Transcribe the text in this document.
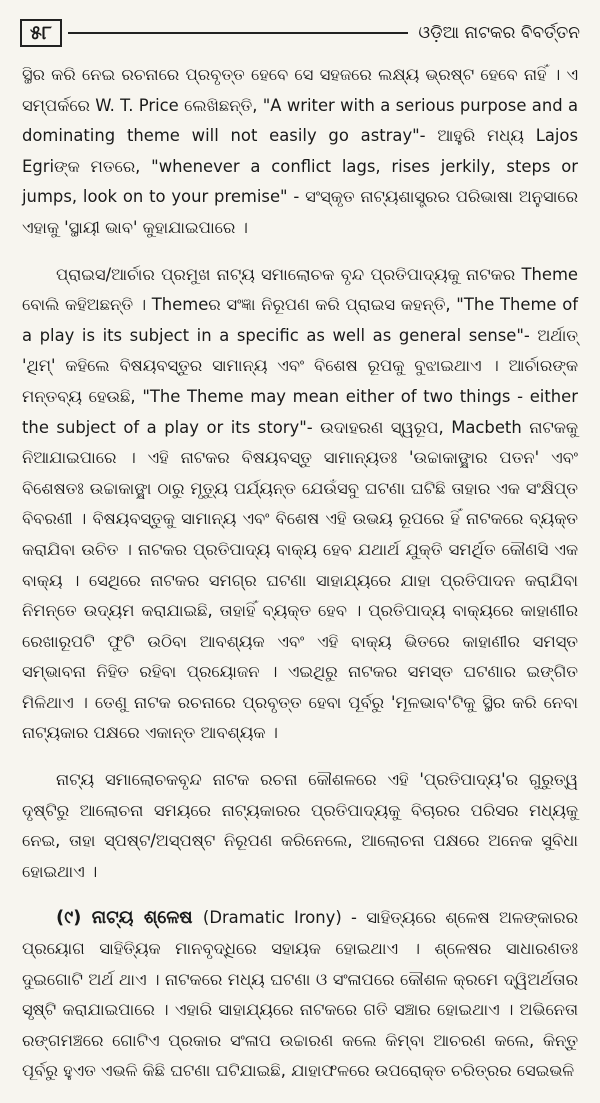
୫୮	ଓଡ଼ିଆ ନାଟକର ବିବର୍ତ୍ତନ

ସ୍ଥିର କରି ନେଇ ରଚନାରେ ପ୍ରବୃତ୍ତ ହେବେ ସେ ସହଜରେ ଲକ୍ଷ୍ୟ ଭ୍ରଷ୍ଟ ହେବେ ନାହିଁ । ଏ ସମ୍ପର୍କରେ W. T. Price ଲେଖିଛନ୍ତି, "A writer with a serious purpose and a dominating theme will not easily go astray"- ଆହୁରି ମଧ୍ୟ Lajos Egriଙ୍କ ମତରେ, "whenever a conflict lags, rises jerkily, steps or jumps, look on to your premise" - ସଂସ୍କୃତ ନାଟ୍ୟଶାସ୍ତ୍ରର ପରିଭାଷା ଅନୁସାରେ ଏହାକୁ 'ସ୍ଥାୟୀ ଭାବ' କୁହାଯାଇପାରେ ।

ପ୍ରାଇସ/ଆର୍ଚାର ପ୍ରମୁଖ ନାଟ୍ୟ ସମାଲୋଚକ ବୃନ୍ଦ ପ୍ରତିପାଦ୍ୟକୁ ନାଟକର Theme ବୋଲି କହିଅଛନ୍ତି । Themeର ସଂଜ୍ଞା ନିରୂପଣ କରି ପ୍ରାଇସ କହନ୍ତି, "The Theme of a play is its subject in a specific as well as general sense"- ଅର୍ଥାତ୍ 'ଥିମ୍' କହିଲେ ବିଷୟବସ୍ତୁର ସାମାନ୍ୟ ଏବଂ ବିଶେଷ ରୂପକୁ ବୁଝାଇଥାଏ । ଆର୍ଚାରଙ୍କ ମନ୍ତବ୍ୟ ହେଉଛି, "The Theme may mean either of two things - either the subject of a play or its story"- ଉଦାହରଣ ସ୍ୱରୂପ, Macbeth ନାଟକକୁ ନିଆଯାଇପାରେ । ଏହି ନାଟକର ବିଷୟବସ୍ତୁ ସାମାନ୍ୟତଃ 'ଉଚ୍ଚାକାଙ୍କ୍ଷାର ପତନ' ଏବଂ ବିଶେଷତଃ ଉଚ୍ଚାକାଙ୍କ୍ଷା ଠାରୁ ମୃତ୍ୟୁ ପର୍ଯ୍ୟନ୍ତ ଯେଉଁସବୁ ଘଟଣା ଘଟିଛି ତାହାର ଏକ ସଂକ୍ଷିପ୍ତ ବିବରଣୀ । ବିଷୟବସ୍ତୁକୁ ସାମାନ୍ୟ ଏବଂ ବିଶେଷ ଏହି ଉଭୟ ରୂପରେ ହିଁ ନାଟକରେ ବ୍ୟକ୍ତ କରାଯିବା ଉଚିତ । ନାଟକର ପ୍ରତିପାଦ୍ୟ ବାକ୍ୟ ହେବ ଯଥାର୍ଥ ଯୁକ୍ତି ସମର୍ଥିତ କୌଣସି ଏକ ବାକ୍ୟ । ସେଥିରେ ନାଟକର ସମଗ୍ର ଘଟଣା ସାହାଯ୍ୟରେ ଯାହା ପ୍ରତିପାଦନ କରାଯିବା ନିମନ୍ତେ ଉଦ୍ୟମ କରାଯାଇଛି, ତାହାହିଁ ବ୍ୟକ୍ତ ହେବ । ପ୍ରତିପାଦ୍ୟ ବାକ୍ୟରେ କାହାଣୀର ରେଖାରୂପଟି ଫୁଟି ଉଠିବା ଆବଶ୍ୟକ ଏବଂ ଏହି ବାକ୍ୟ ଭିତରେ କାହାଣୀର ସମସ୍ତ ସମ୍ଭାବନା ନିହିତ ରହିବା ପ୍ରୟୋଜନ । ଏଇଥିରୁ ନାଟକର ସମସ୍ତ ଘଟଣାର ଇଙ୍ଗିତ ମିଳିଥାଏ । ତେଣୁ ନାଟକ ରଚନାରେ ପ୍ରବୃତ୍ତ ହେବା ପୂର୍ବରୁ 'ମୂଳଭାବ'ଟିକୁ ସ୍ଥିର କରି ନେବା ନାଟ୍ୟକାର ପକ୍ଷରେ ଏକାନ୍ତ ଆବଶ୍ୟକ ।

ନାଟ୍ୟ ସମାଲୋଚକବୃନ୍ଦ ନାଟକ ରଚନା କୌଶଳରେ ଏହି 'ପ୍ରତିପାଦ୍ୟ'ର ଗୁରୁତ୍ୱ ଦୃଷ୍ଟିରୁ ଆଲୋଚନା ସମୟରେ ନାଟ୍ୟକାରର ପ୍ରତିପାଦ୍ୟକୁ ବିଚାରର ପରିସର ମଧ୍ୟକୁ ନେଇ, ତାହା ସ୍ପଷ୍ଟ/ଅସ୍ପଷ୍ଟ ନିରୂପଣ କରିନେଲେ, ଆଲୋଚନା ପକ୍ଷରେ ଅନେକ ସୁବିଧା ହୋଇଥାଏ ।

(୯) ନାଟ୍ୟ ଶ୍ଳେଷ (Dramatic Irony) - ସାହିତ୍ୟରେ ଶ୍ଳେଷ ଅଳଙ୍କାରର ପ୍ରୟୋଗ ସାହିତ୍ୟିକ ମାନବୃଦ୍ଧିରେ ସହାୟକ ହୋଇଥାଏ । ଶ୍ଳେଷର ସାଧାରଣତଃ ଦୁଇଗୋଟି ଅର୍ଥ ଥାଏ । ନାଟକରେ ମଧ୍ୟ ଘଟଣା ଓ ସଂଳାପରେ କୌଶଳ କ୍ରମେ ଦ୍ୱିଅର୍ଥତାର ସୃଷ୍ଟି କରାଯାଇପାରେ । ଏହାରି ସାହାଯ୍ୟରେ ନାଟକରେ ଗତି ସଞ୍ଚାର ହୋଇଥାଏ । ଅଭିନେତା ରଙ୍ଗମଞ୍ଚରେ ଗୋଟିଏ ପ୍ରକାର ସଂଳାପ ଉଚ୍ଚାରଣ କଲେ କିମ୍ବା ଆଚରଣ କଲେ, କିନ୍ତୁ ପୂର୍ବରୁ ହୁଏତ ଏଭଳି କିଛି ଘଟଣା ଘଟିଯାଇଛି, ଯାହାଫଳରେ ଉପରୋକ୍ତ ଚରିତ୍ରର ସେଇଭଳି
